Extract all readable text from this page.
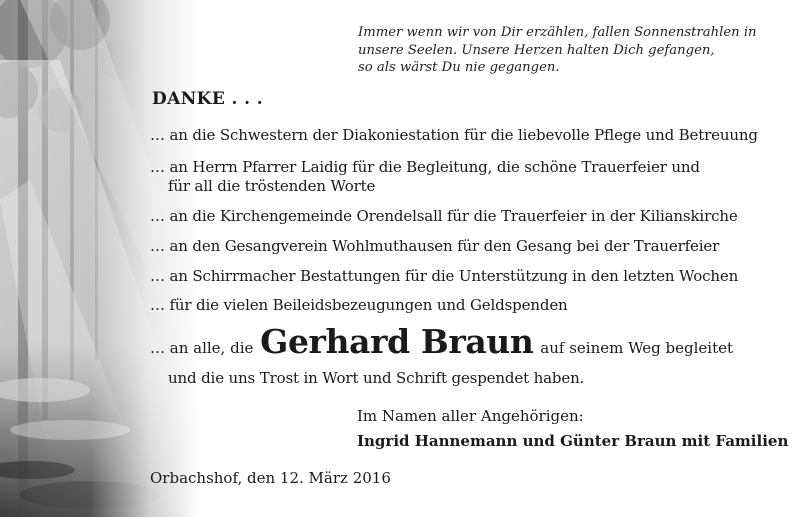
Immer wenn wir von Dir erzählen, fallen Sonnenstrahlen in
unsere Seelen. Unsere Herzen halten Dich gefangen,
so als wärst Du nie gegangen.
DANKE . . .
… an die Schwestern der Diakoniestation für die liebevolle Pflege und Betreuung
… an Herrn Pfarrer Laidig für die Begleitung, die schöne Trauerfeier und
für all die tröstenden Worte
… an die Kirchengemeinde Orendelsall für die Trauerfeier in der Kilianskirche
… an den Gesangverein Wohlmuthausen für den Gesang bei der Trauerfeier
… an Schirrmacher Bestattungen für die Unterstützung in den letzten Wochen
… für die vielen Beileidsbezeugungen und Geldspenden
… an alle, die Gerhard Braun auf seinem Weg begleitet
und die uns Trost in Wort und Schrift gespendet haben.
Im Namen aller Angehörigen:
Ingrid Hannemann und Günter Braun mit Familien
Orbachshof, den 12. März 2016
